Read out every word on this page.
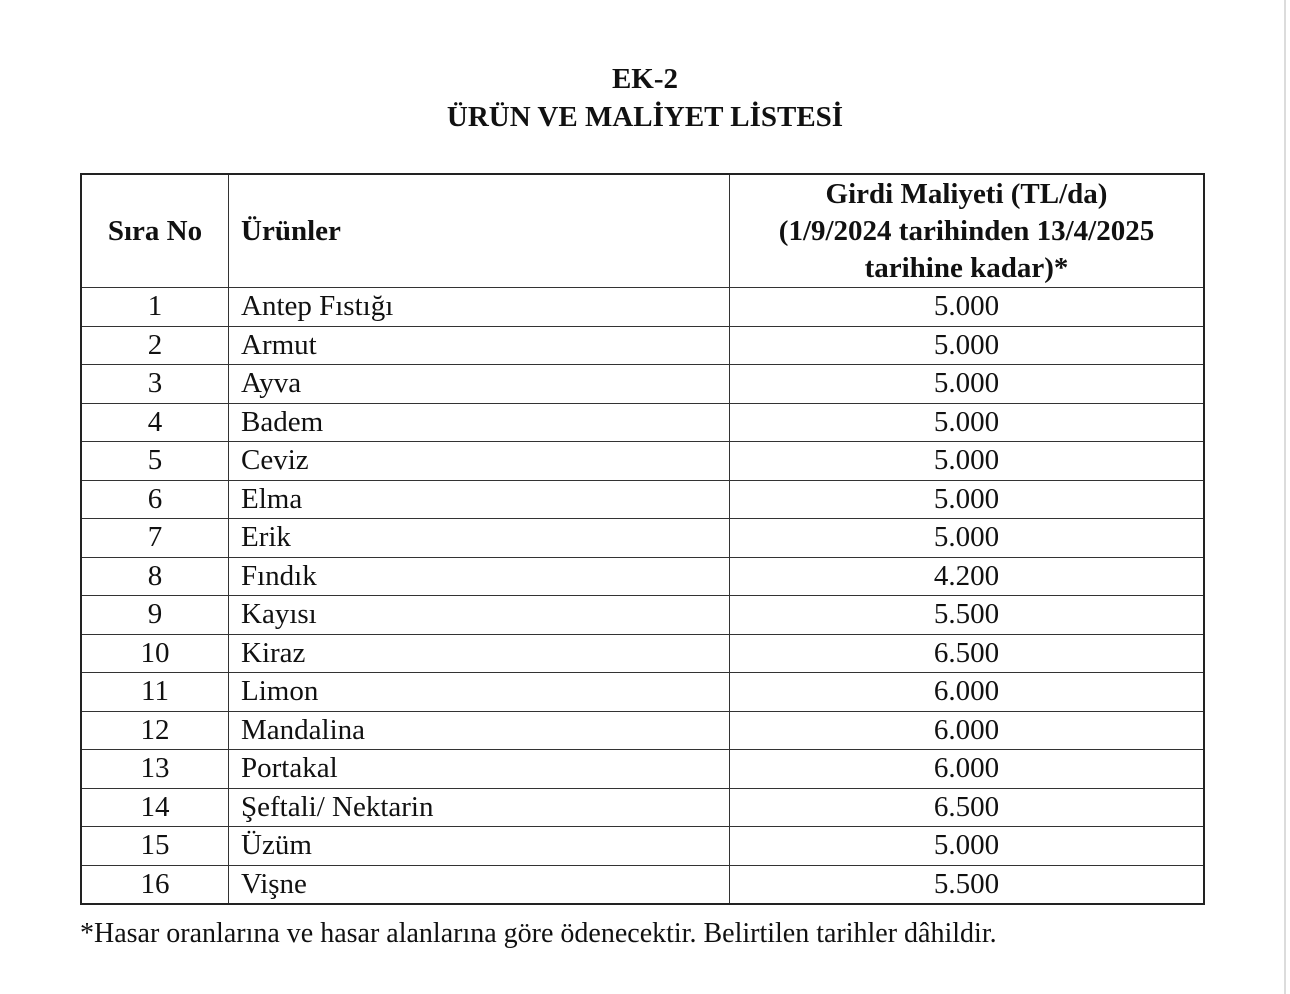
EK-2
ÜRÜN VE MALİYET LİSTESİ
Sıra No	Ürünler	Girdi Maliyeti (TL/da)
(1/9/2024 tarihinden 13/4/2025
tarihine kadar)*
1	Antep Fıstığı	5.000
2	Armut	5.000
3	Ayva	5.000
4	Badem	5.000
5	Ceviz	5.000
6	Elma	5.000
7	Erik	5.000
8	Fındık	4.200
9	Kayısı	5.500
10	Kiraz	6.500
11	Limon	6.000
12	Mandalina	6.000
13	Portakal	6.000
14	Şeftali/ Nektarin	6.500
15	Üzüm	5.000
16	Vişne	5.500
*Hasar oranlarına ve hasar alanlarına göre ödenecektir. Belirtilen tarihler dâhildir.
